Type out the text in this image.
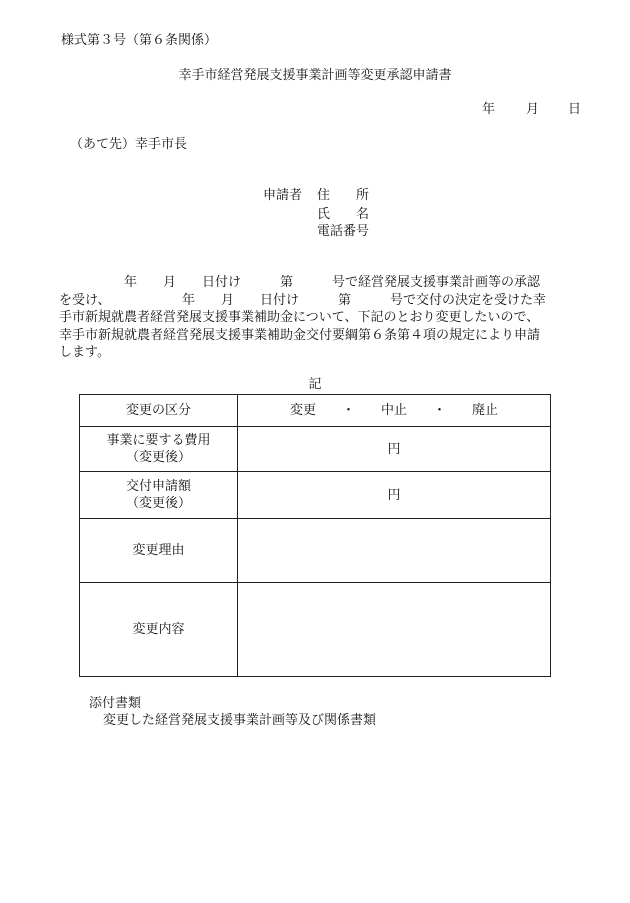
様式第３号（第６条関係）
幸手市経営発展支援事業計画等変更承認申請書
年 月 日
（あて先）幸手市長
申請者 住　　所
氏　　名
電話番号
　　　　　年　　月　　日付け　　　第　　　号で経営発展支援事業計画等の承認
を受け、　　　　　　年　　月　　日付け　　　第　　　号で交付の決定を受けた幸
手市新規就農者経営発展支援事業補助金について、下記のとおり変更したいので、
幸手市新規就農者経営発展支援事業補助金交付要綱第６条第４項の規定により申請
します。
記
変更の区分	変更 ・ 中止 ・ 廃止

事業に要する費用
（変更後）	円

交付申請額
（変更後）	円
変更理由	
変更内容	
添付書類
変更した経営発展支援事業計画等及び関係書類
